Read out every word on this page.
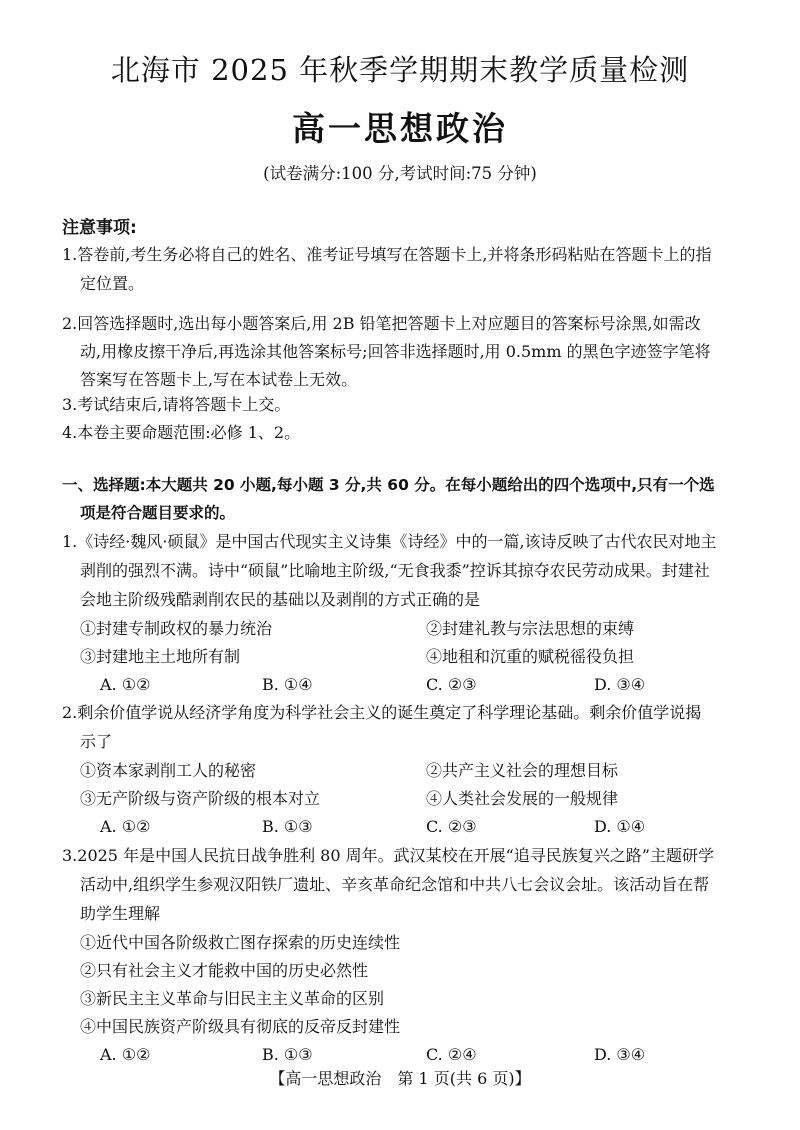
北海市 2025 年秋季学期期末教学质量检测
高一思想政治
(试卷满分:100 分,考试时间:75 分钟)
注意事项:
1.答卷前,考生务必将自己的姓名、准考证号填写在答题卡上,并将条形码粘贴在答题卡上的指
定位置。
2.回答选择题时,选出每小题答案后,用 2B 铅笔把答题卡上对应题目的答案标号涂黑,如需改
动,用橡皮擦干净后,再选涂其他答案标号;回答非选择题时,用 0.5mm 的黑色字迹签字笔将
答案写在答题卡上,写在本试卷上无效。
3.考试结束后,请将答题卡上交。
4.本卷主要命题范围:必修 1、2。
一、选择题:本大题共 20 小题,每小题 3 分,共 60 分。在每小题给出的四个选项中,只有一个选
项是符合题目要求的。
1.《诗经·魏风·硕鼠》是中国古代现实主义诗集《诗经》中的一篇,该诗反映了古代农民对地主
剥削的强烈不满。诗中“硕鼠”比喻地主阶级,“无食我黍”控诉其掠夺农民劳动成果。封建社
会地主阶级残酷剥削农民的基础以及剥削的方式正确的是
①封建专制政权的暴力统治	②封建礼教与宗法思想的束缚
③封建地主土地所有制	④地租和沉重的赋税徭役负担
A. ①②	B. ①④	C. ②③	D. ③④
2.剩余价值学说从经济学角度为科学社会主义的诞生奠定了科学理论基础。剩余价值学说揭
示了
①资本家剥削工人的秘密	②共产主义社会的理想目标
③无产阶级与资产阶级的根本对立	④人类社会发展的一般规律
A. ①②	B. ①③	C. ②③	D. ①④
3.2025 年是中国人民抗日战争胜利 80 周年。武汉某校在开展“追寻民族复兴之路”主题研学
活动中,组织学生参观汉阳铁厂遗址、辛亥革命纪念馆和中共八七会议会址。该活动旨在帮
助学生理解
①近代中国各阶级救亡图存探索的历史连续性
②只有社会主义才能救中国的历史必然性
③新民主主义革命与旧民主主义革命的区别
④中国民族资产阶级具有彻底的反帝反封建性
A. ①②	B. ①③	C. ②④	D. ③④
【高一思想政治　第 1 页(共 6 页)】
